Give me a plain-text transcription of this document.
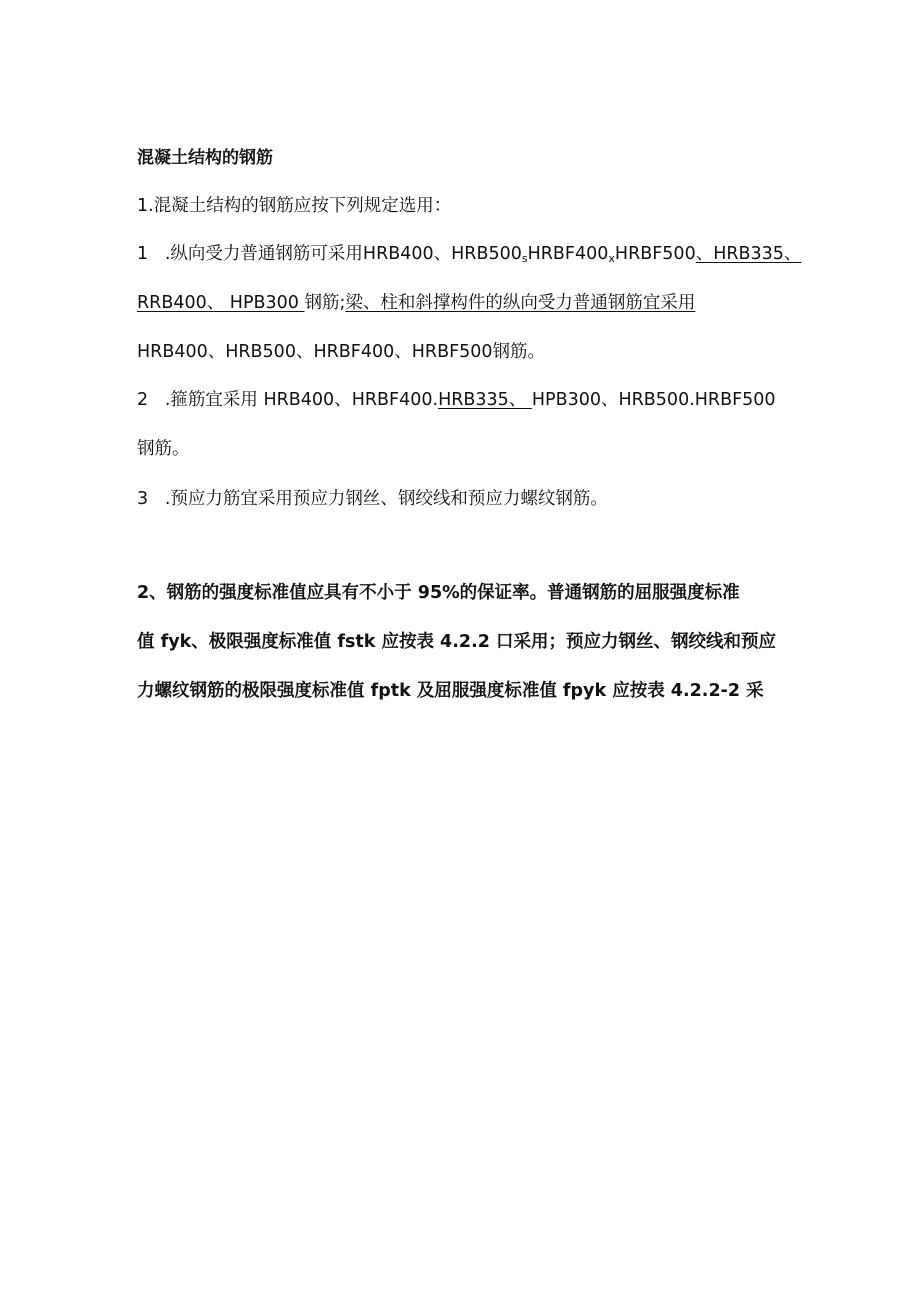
混凝土结构的钢筋
1.混凝土结构的钢筋应按下列规定选用：
1 .纵向受力普通钢筋可采用HRB400、$HRB500_sHRBF400_xHRBF500$、HRB335、
RRB400、 HPB300 钢筋;梁、柱和斜撑构件的纵向受力普通钢筋宜采用
HRB400、HRB500、HRBF400、HRBF500钢筋。
2 .箍筋宜采用 HRB400、HRBF400.HRB335、 HPB300、HRB500.HRBF500
钢筋。
3 .预应力筋宜采用预应力钢丝、钢绞线和预应力螺纹钢筋。
2、钢筋的强度标准值应具有不小于 95%的保证率。普通钢筋的屈服强度标准
值 fyk、极限强度标准值 fstk 应按表 4.2.2 口采用；预应力钢丝、钢绞线和预应
力螺纹钢筋的极限强度标准值 fptk 及屈服强度标准值 fpyk 应按表 4.2.2-2 采
